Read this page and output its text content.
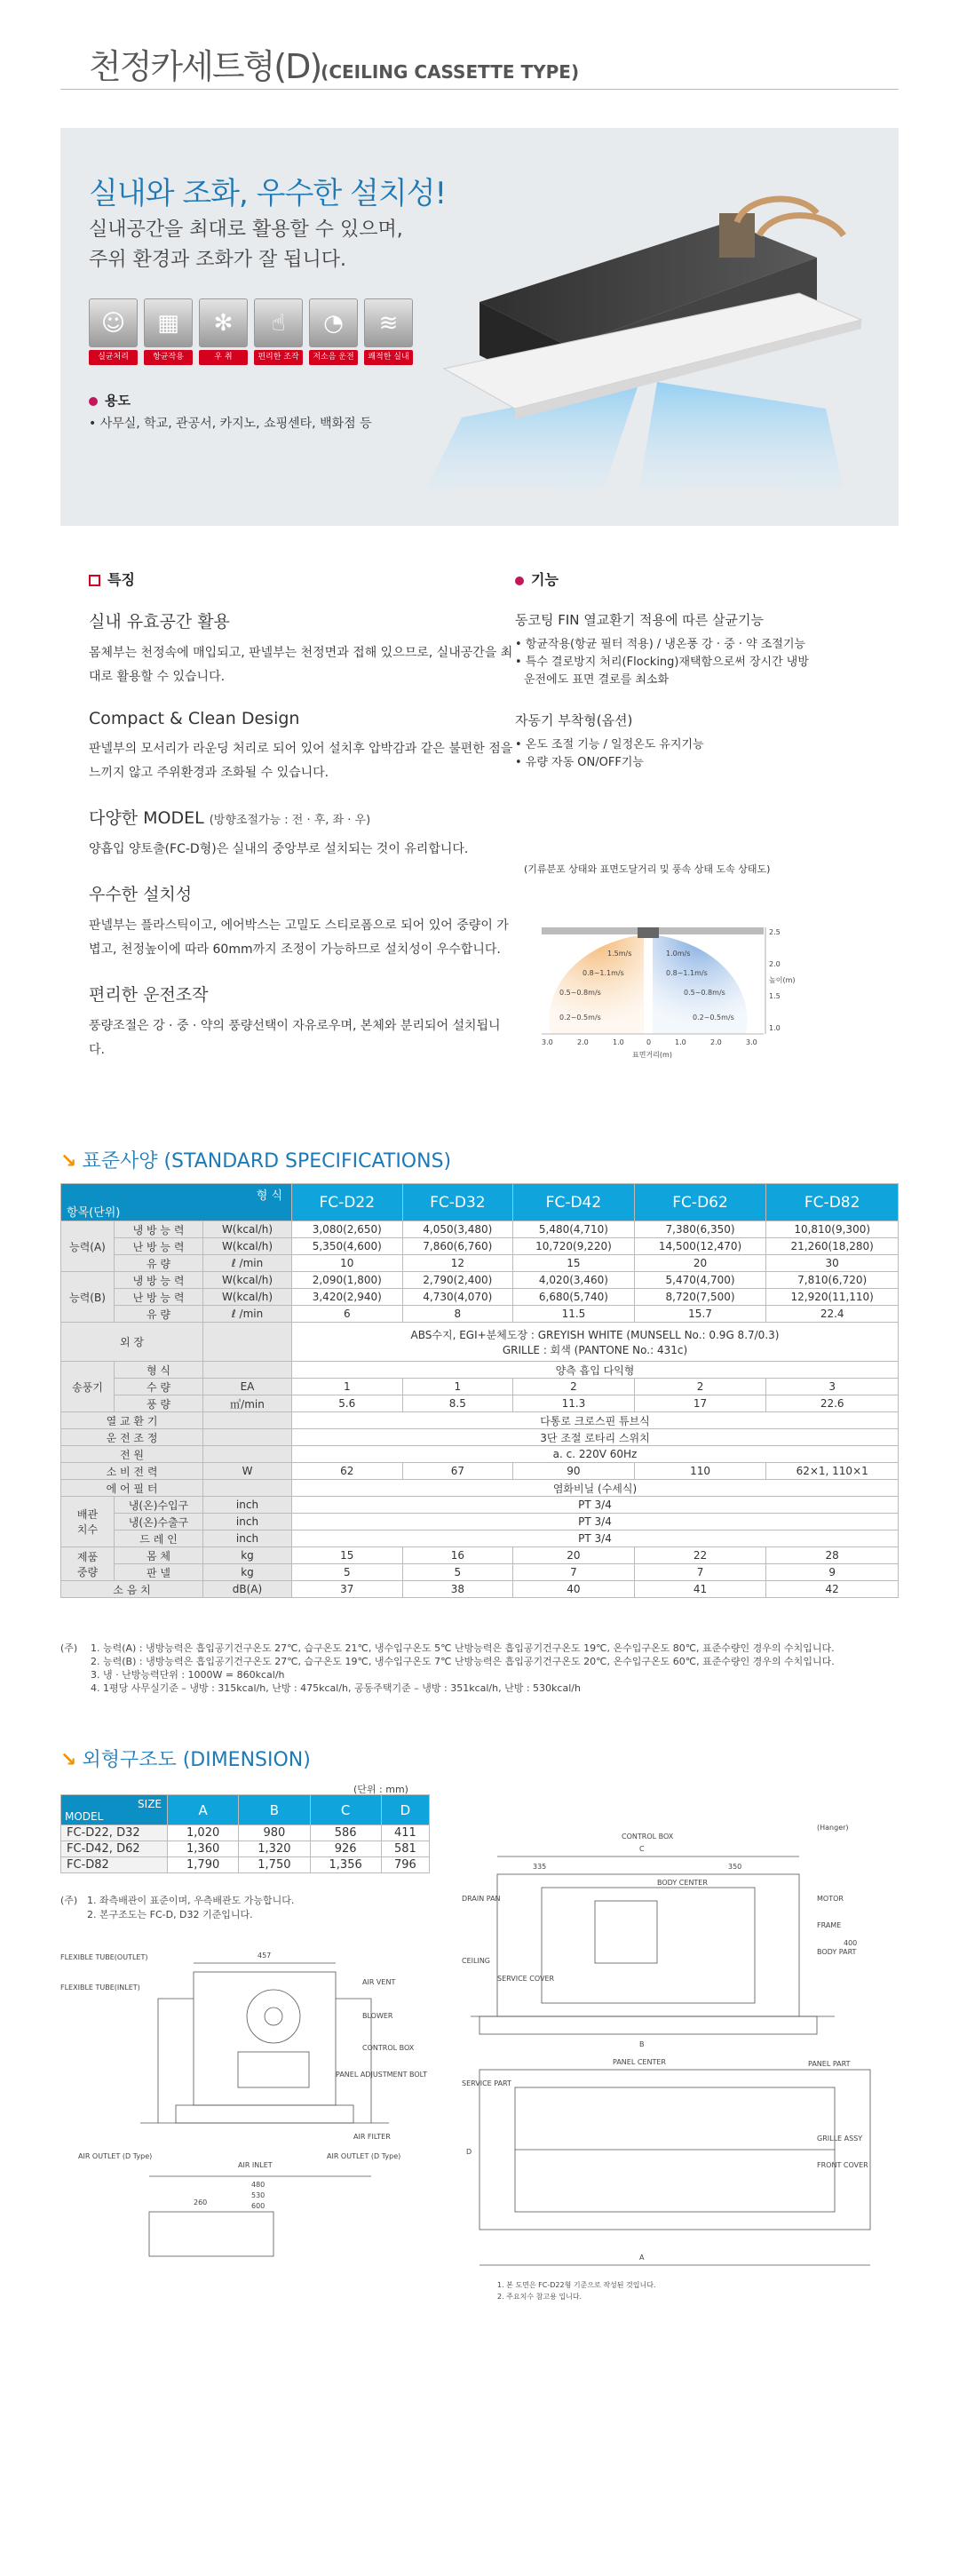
천정카세트형(D)(CEILING CASSETTE TYPE)
실내와 조화, 우수한 설치성!
실내공간을 최대로 활용할 수 있으며,
주위 환경과 조화가 잘 됩니다.
☺
실균처리
▦
항균작용
✻
우 취
☝
편리한 조작
◔
저소음 운전
≋
쾌적한 실내
용도
• 사무실, 학교, 관공서, 카지노, 쇼핑센타, 백화점 등
특징
실내 유효공간 활용
몸체부는 천정속에 매입되고, 판넬부는 천정면과 접해 있으므로, 실내공간을 최대로 활용할 수 있습니다.
Compact & Clean Design
판넬부의 모서리가 라운딩 처리로 되어 있어 설치후 압박감과 같은 불편한 점을 느끼지 않고 주위환경과 조화될 수 있습니다.
다양한 MODEL (방향조절가능 : 전 · 후, 좌 · 우)
양흡입 양토출(FC-D형)은 실내의 중앙부로 설치되는 것이 유리합니다.
우수한 설치성
판넬부는 플라스틱이고, 에어박스는 고밀도 스티로폼으로 되어 있어 중량이 가볍고, 천정높이에 따라 60mm까지 조정이 가능하므로 설치성이 우수합니다.
편리한 운전조작
풍량조절은 강 · 중 · 약의 풍량선택이 자유로우며, 본체와 분리되어 설치됩니다.
기능
동코팅 FIN 열교환기 적용에 따른 살균기능
• 항균작용(항균 필터 적용) / 냉온풍 강 · 중 · 약 조절기능
• 특수 결로방지 처리(Flocking)재택함으로써 장시간 냉방
운전에도 표면 결로를 최소화
자동기 부착형(옵션)
• 온도 조절 기능 / 일정온도 유지기능
• 유량 자동 ON/OFF기능
(기류분포 상태와 표면도달거리 및 풍속 상태 도속 상태도)
1.5m/s	1.0m/s
0.8~1.1m/s	0.8~1.1m/s
0.5~0.8m/s	0.5~0.8m/s
0.2~0.5m/s	0.2~0.5m/s
3.0	2.0	1.0	0	1.0	2.0	3.0
표면거리(m)
2.5
2.0
1.5
1.0
높이(m)
↘ 표준사양 (STANDARD SPECIFICATIONS)
형 식
항목(단위)			FC-D22	FC-D32	FC-D42	FC-D62	FC-D82
능력(A)	냉 방 능 력	W(kcal/h)	3,080(2,650)	4,050(3,480)	5,480(4,710)	7,380(6,350)	10,810(9,300)
	난 방 능 력	W(kcal/h)	5,350(4,600)	7,860(6,760)	10,720(9,220)	14,500(12,470)	21,260(18,280)
	유 량	ℓ /min	10	12	15	20	30
능력(B)	냉 방 능 력	W(kcal/h)	2,090(1,800)	2,790(2,400)	4,020(3,460)	5,470(4,700)	7,810(6,720)
	난 방 능 력	W(kcal/h)	3,420(2,940)	4,730(4,070)	6,680(5,740)	8,720(7,500)	12,920(11,110)
	유 량	ℓ /min	6	8	11.5	15.7	22.4
외 장			ABS수지, EGI+분체도장 : GREYISH WHITE (MUNSELL No.: 0.9G 8.7/0.3)
GRILLE : 회색 (PANTONE No.: 431c)				

송풍기	형 식		양측 흡입 다익형				
	수 량	EA	1	1	2	2	3
	풍 량	㎥/min	5.6	8.5	11.3	17	22.6
열 교 환 기			다통로 크로스핀 튜브식				
운 전 조 정			3단 조절 로타리 스위치				
전 원			a. c. 220V 60Hz				
소 비 전 력		W	62	67	90	110	62×1, 110×1
에 어 필 터			염화비닐 (수세식)				

배관
치수	냉(온)수입구	inch	PT 3/4				
	냉(온)수출구	inch	PT 3/4				
	드 레 인	inch	PT 3/4				

제품
중량	몸 체	kg	15	16	20	22	28
	판 넬	kg	5	5	7	7	9
소 음 치		dB(A)	37	38	40	41	42
(주)	1. 능력(A) : 냉방능력은 흡입공기건구온도 27℃, 습구온도 21℃, 냉수입구온도 5℃ 난방능력은 흡입공기건구온도 19℃, 온수입구온도 80℃, 표준수량인 경우의 수치입니다.
2. 능력(B) : 냉방능력은 흡입공기건구온도 27℃, 습구온도 19℃, 냉수입구온도 7℃ 난방능력은 흡입공기건구온도 20℃, 온수입구온도 60℃, 표준수량인 경우의 수치입니다.
3. 냉 · 난방능력단위 : 1000W = 860kcal/h
4. 1평당 사무실기준 – 냉방 : 315kcal/h, 난방 : 475kcal/h, 공동주택기준 – 냉방 : 351kcal/h, 난방 : 530kcal/h
↘ 외형구조도 (DIMENSION)
(단위 : mm)
SIZE
MODEL	A	B	C	D
FC-D22, D32	1,020	980	586	411
FC-D42, D62	1,360	1,320	926	581
FC-D82	1,790	1,750	1,356	796
(주) 1. 좌측배관이 표준이며, 우측배관도 가능합니다.
2. 본구조도는 FC-D, D32 기준입니다.
457
480
530
600
FLEXIBLE TUBE(OUTLET)
FLEXIBLE TUBE(INLET)
AIR VENT
BLOWER
CONTROL BOX
PANEL ADJUSTMENT BOLT
AIR FILTER
AIR OUTLET (D Type)	AIR OUTLET (D Type)
AIR INLET
260
C
B
A
D
335	350
400
(Hanger)
CONTROL BOX
DRAIN PAN
CEILING
SERVICE COVER
BODY CENTER
MOTOR
FRAME
BODY PART
PANEL CENTER	PANEL PART
SERVICE PART
GRILLE ASSY
FRONT COVER
1. 본 도면은 FC-D22형 기준으로 작성된 것입니다.
2. 주요치수 참고용 입니다.
